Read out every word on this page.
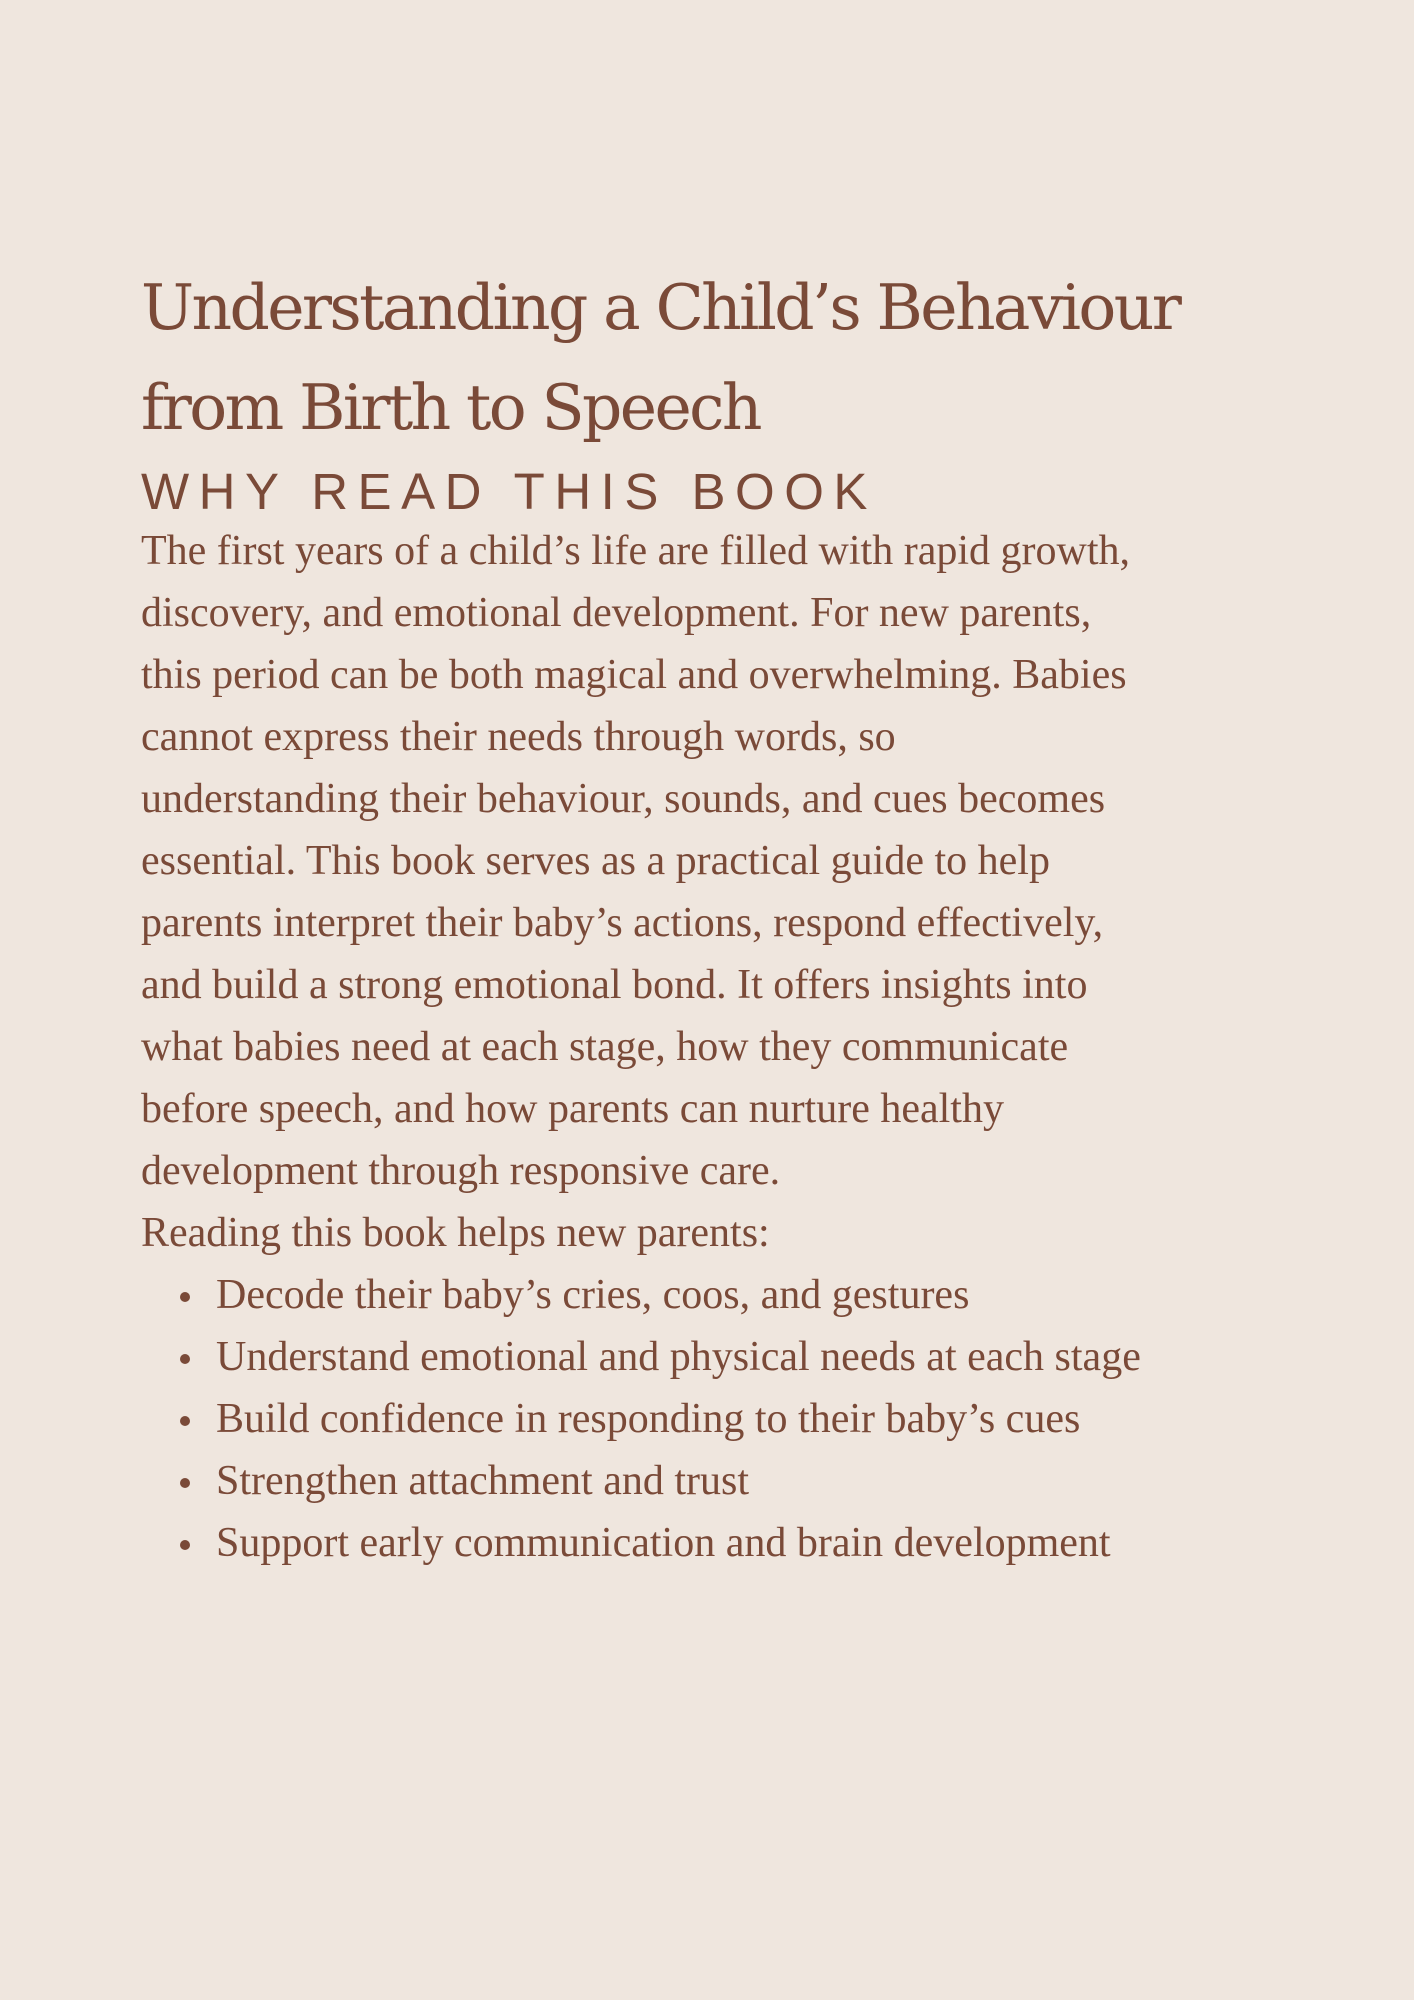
Understanding a Child’s Behaviour
from Birth to Speech
WHY READ THIS BOOK

The first years of a child’s life are filled with rapid growth,
discovery, and emotional development. For new parents,
this period can be both magical and overwhelming. Babies
cannot express their needs through words, so
understanding their behaviour, sounds, and cues becomes
essential. This book serves as a practical guide to help
parents interpret their baby’s actions, respond effectively,
and build a strong emotional bond. It offers insights into
what babies need at each stage, how they communicate
before speech, and how parents can nurture healthy
development through responsive care.

Reading this book helps new parents:

Decode their baby’s cries, coos, and gestures
Understand emotional and physical needs at each stage
Build confidence in responding to their baby’s cues
Strengthen attachment and trust
Support early communication and brain development
